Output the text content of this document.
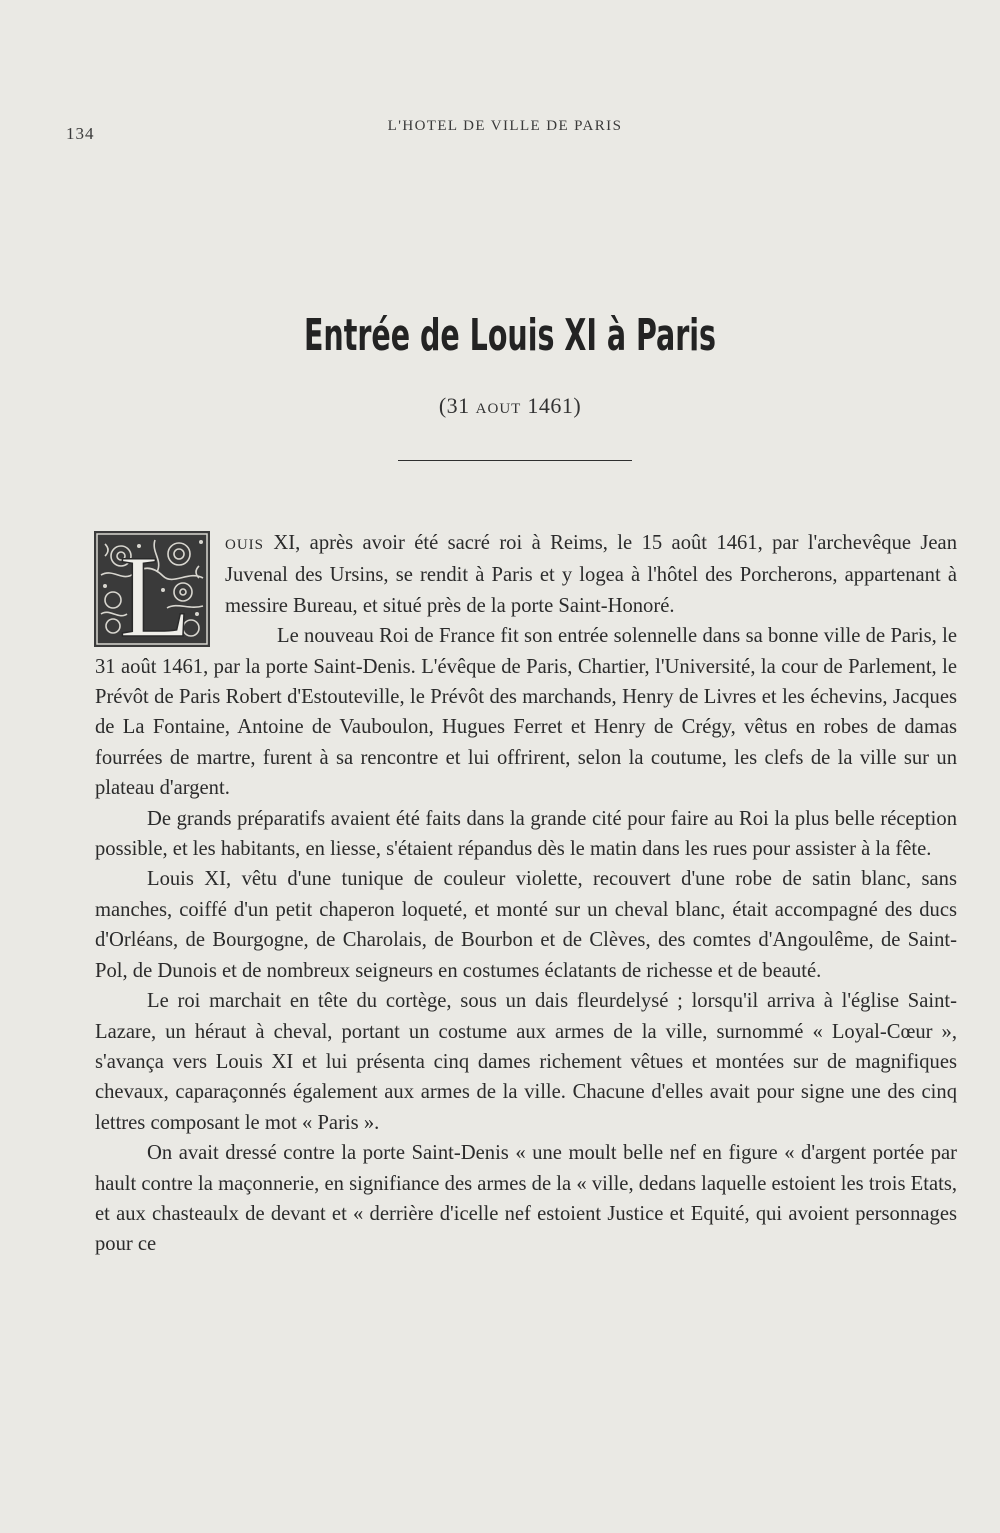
134	L'HOTEL DE VILLE DE PARIS
Entrée de Louis XI à Paris
(31 AOUT 1461)

L OUIS XI, après avoir été sacré roi à Reims, le 15 août 1461, par l'archevêque Jean Juvenal des Ursins, se rendit à Paris et y logea à l'hôtel des Porcherons, appartenant à messire Bureau, et situé près de la porte Saint-Honoré.

Le nouveau Roi de France fit son entrée solennelle dans sa bonne ville de Paris, le 31 août 1461, par la porte Saint-Denis. L'évêque de Paris, Chartier, l'Université, la cour de Parlement, le Prévôt de Paris Robert d'Estouteville, le Prévôt des marchands, Henry de Livres et les échevins, Jacques de La Fontaine, Antoine de Vauboulon, Hugues Ferret et Henry de Crégy, vêtus en robes de damas fourrées de martre, furent à sa rencontre et lui offrirent, selon la coutume, les clefs de la ville sur un plateau d'argent.

De grands préparatifs avaient été faits dans la grande cité pour faire au Roi la plus belle réception possible, et les habitants, en liesse, s'étaient répandus dès le matin dans les rues pour assister à la fête.

Louis XI, vêtu d'une tunique de couleur violette, recouvert d'une robe de satin blanc, sans manches, coiffé d'un petit chaperon loqueté, et monté sur un cheval blanc, était accompagné des ducs d'Orléans, de Bourgogne, de Charolais, de Bourbon et de Clèves, des comtes d'Angoulême, de Saint-Pol, de Dunois et de nombreux seigneurs en costumes éclatants de richesse et de beauté.

Le roi marchait en tête du cortège, sous un dais fleurdelysé ; lorsqu'il arriva à l'église Saint-Lazare, un héraut à cheval, portant un costume aux armes de la ville, surnommé « Loyal-Cœur », s'avança vers Louis XI et lui présenta cinq dames richement vêtues et montées sur de magnifiques chevaux, caparaçonnés également aux armes de la ville. Chacune d'elles avait pour signe une des cinq lettres composant le mot « Paris ».

On avait dressé contre la porte Saint-Denis « une moult belle nef en figure « d'argent portée par hault contre la maçonnerie, en signifiance des armes de la « ville, dedans laquelle estoient les trois Etats, et aux chasteaulx de devant et « derrière d'icelle nef estoient Justice et Equité, qui avoient personnages pour ce
